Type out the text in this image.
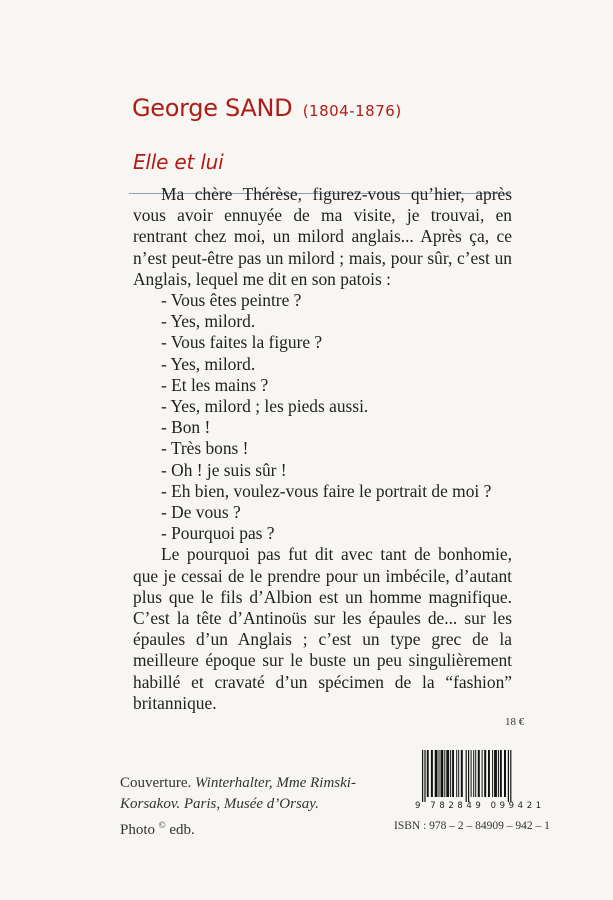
George SAND (1804-1876)
Elle et lui

Ma chère Thérèse, figurez-vous qu’hier, après vous avoir ennuyée de ma visite, je trouvai, en rentrant chez moi, un milord anglais... Après ça, ce n’est peut-être pas un milord ; mais, pour sûr, c’est un Anglais, lequel me dit en son patois :

- Vous êtes peintre ?
- Yes, milord.
- Vous faites la figure ?
- Yes, milord.
- Et les mains ?
- Yes, milord ; les pieds aussi.
- Bon !
- Très bons !
- Oh ! je suis sûr !
- Eh bien, voulez-vous faire le portrait de moi ?
- De vous ?
- Pourquoi pas ?

Le pourquoi pas fut dit avec tant de bonhomie, que je cessai de le prendre pour un imbécile, d’autant plus que le fils d’Albion est un homme magnifique. C’est la tête d’Antinoüs sur les épaules de... sur les épaules d’un Anglais ; c’est un type grec de la meilleure époque sur le buste un peu singulièrement habillé et cravaté d’un spécimen de la “fashion” britannique.

18 €
Couverture. Winterhalter, Mme Rimski-Korsakov. Paris, Musée d’Orsay.
Photo © edb.
9 782849 099421
ISBN : 978 – 2 – 84909 – 942 – 1
